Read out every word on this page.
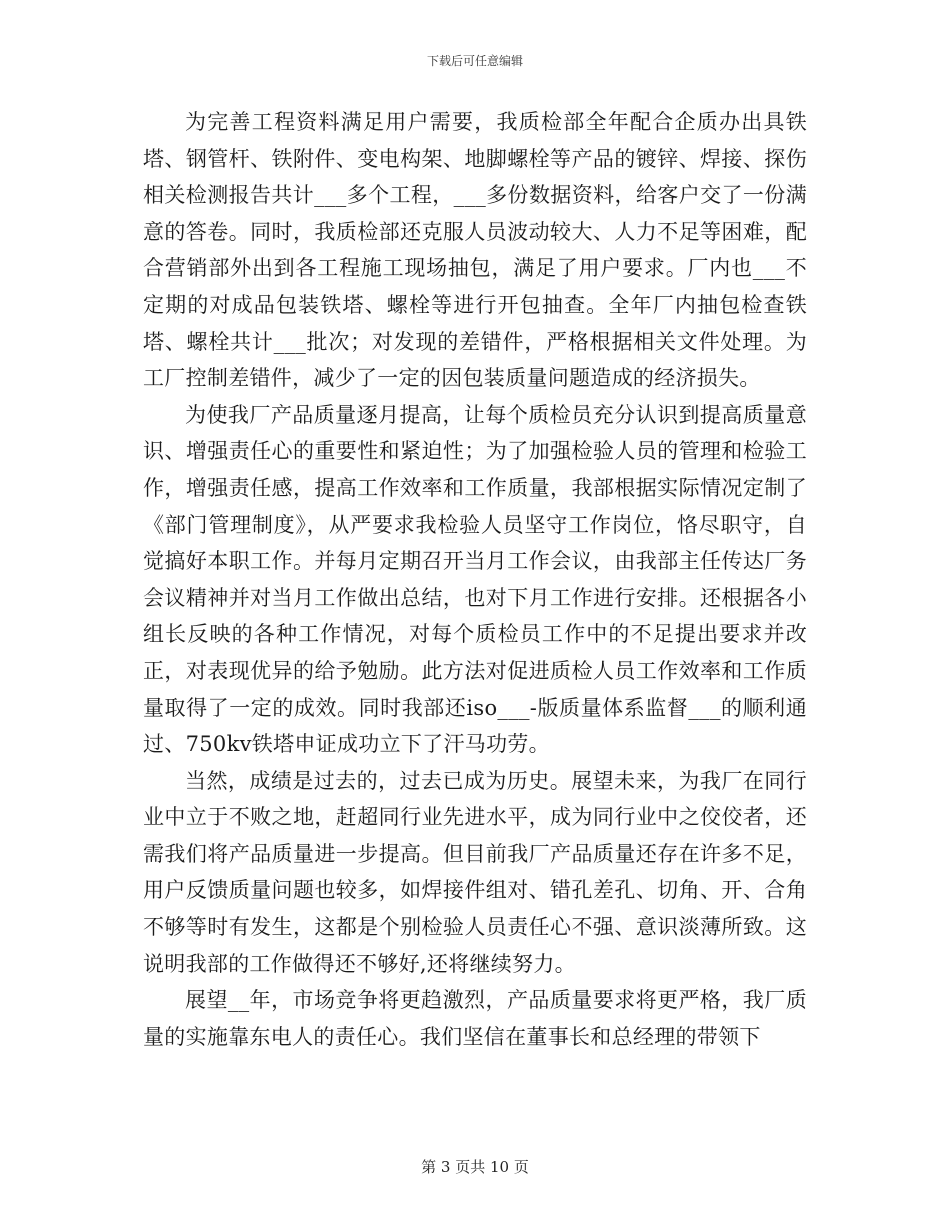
下载后可任意编辑

为完善工程资料满足用户需要，我质检部全年配合企质办出具铁塔、钢管杆、铁附件、变电构架、地脚螺栓等产品的镀锌、焊接、探伤相关检测报告共计___多个工程，___多份数据资料，给客户交了一份满意的答卷。同时，我质检部还克服人员波动较大、人力不足等困难，配合营销部外出到各工程施工现场抽包，满足了用户要求。厂内也___不定期的对成品包装铁塔、螺栓等进行开包抽查。全年厂内抽包检查铁塔、螺栓共计___批次；对发现的差错件，严格根据相关文件处理。为工厂控制差错件，减少了一定的因包装质量问题造成的经济损失。

为使我厂产品质量逐月提高，让每个质检员充分认识到提高质量意识、增强责任心的重要性和紧迫性；为了加强检验人员的管理和检验工作，增强责任感，提高工作效率和工作质量，我部根据实际情况定制了《部门管理制度》，从严要求我检验人员坚守工作岗位，恪尽职守，自觉搞好本职工作。并每月定期召开当月工作会议，由我部主任传达厂务会议精神并对当月工作做出总结，也对下月工作进行安排。还根据各小组长反映的各种工作情况，对每个质检员工作中的不足提出要求并改正，对表现优异的给予勉励。此方法对促进质检人员工作效率和工作质量取得了一定的成效。同时我部还iso___-版质量体系监督___的顺利通过、750kv铁塔申证成功立下了汗马功劳。

当然，成绩是过去的，过去已成为历史。展望未来，为我厂在同行业中立于不败之地，赶超同行业先进水平，成为同行业中之佼佼者，还需我们将产品质量进一步提高。但目前我厂产品质量还存在许多不足，用户反馈质量问题也较多，如焊接件组对、错孔差孔、切角、开、合角不够等时有发生，这都是个别检验人员责任心不强、意识淡薄所致。这说明我部的工作做得还不够好,还将继续努力。

展望__年，市场竞争将更趋激烈，产品质量要求将更严格，我厂质量的实施靠东电人的责任心。我们坚信在董事长和总经理的带领下

第 3 页共 10 页
